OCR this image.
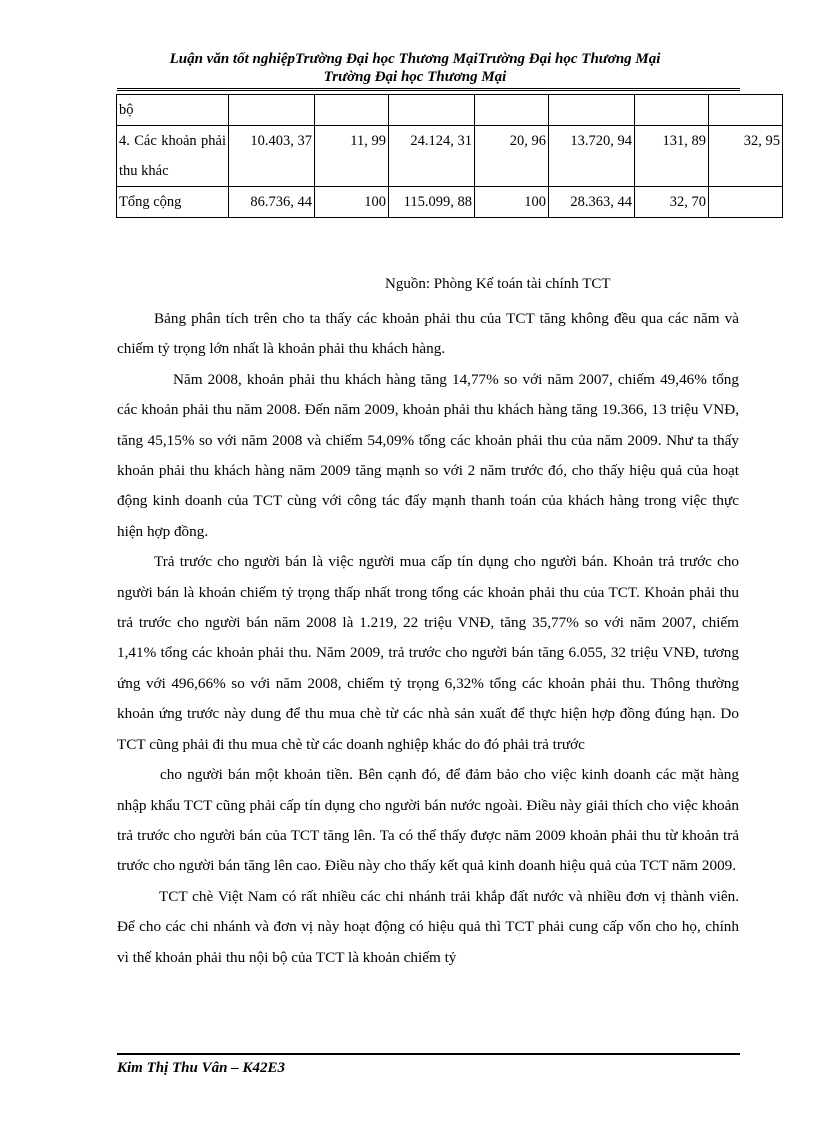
Luận văn tốt nghiệpTrường Đại học Thương MạiTrường Đại học Thương Mại
Trường Đại học Thương Mại
bộ							
4. Các khoản phải thu khác	10.403, 37	11, 99	24.124, 31	20, 96	13.720, 94	131, 89	32, 95
Tổng cộng	86.736, 44	100	115.099, 88	100	28.363, 44	32, 70	
Nguồn: Phòng Kế toán tài chính TCT

Bảng phân tích trên cho ta thấy các khoản phải thu của TCT tăng không đều qua các năm và chiếm tỷ trọng lớn nhất là khoản phải thu khách hàng.

Năm 2008, khoản phải thu khách hàng tăng 14,77% so với năm 2007, chiếm 49,46% tổng các khoản phải thu năm 2008. Đến năm 2009, khoản phải thu khách hàng tăng 19.366, 13 triệu VNĐ, tăng 45,15% so với năm 2008 và chiếm 54,09% tổng các khoản phải thu của năm 2009. Như ta thấy khoản phải thu khách hàng năm 2009 tăng mạnh so với 2 năm trước đó, cho thấy hiệu quả của hoạt động kinh doanh của TCT cùng với công tác đẩy mạnh thanh toán của khách hàng trong việc thực hiện hợp đồng.

Trả trước cho người bán là việc người mua cấp tín dụng cho người bán. Khoản trả trước cho người bán là khoản chiếm tỷ trọng thấp nhất trong tổng các khoản phải thu của TCT. Khoản phải thu trả trước cho người bán năm 2008 là 1.219, 22 triệu VNĐ, tăng 35,77% so với năm 2007, chiếm 1,41% tổng các khoản phải thu. Năm 2009, trả trước cho người bán tăng 6.055, 32 triệu VNĐ, tương ứng với 496,66% so với năm 2008, chiếm tỷ trọng 6,32% tổng các khoản phải thu. Thông thường khoản ứng trước này dung để thu mua chè từ các nhà sản xuất để thực hiện hợp đồng đúng hạn. Do TCT cũng phải đi thu mua chè từ các doanh nghiệp khác do đó phải trả trước

cho người bán một khoản tiền. Bên cạnh đó, để đảm bảo cho việc kinh doanh các mặt hàng nhập khẩu TCT cũng phải cấp tín dụng cho người bán nước ngoài. Điều này giải thích cho việc khoản trả trước cho người bán của TCT tăng lên. Ta có thể thấy được năm 2009 khoản phải thu từ khoản trả trước cho người bán tăng lên cao. Điều này cho thấy kết quả kinh doanh hiệu quả của TCT năm 2009.

TCT chè Việt Nam có rất nhiều các chi nhánh trải khắp đất nước và nhiều đơn vị thành viên. Để cho các chi nhánh và đơn vị này hoạt động có hiệu quả thì TCT phải cung cấp vốn cho họ, chính vì thế khoản phải thu nội bộ của TCT là khoản chiếm tỷ

Kim Thị Thu Vân – K42E3
